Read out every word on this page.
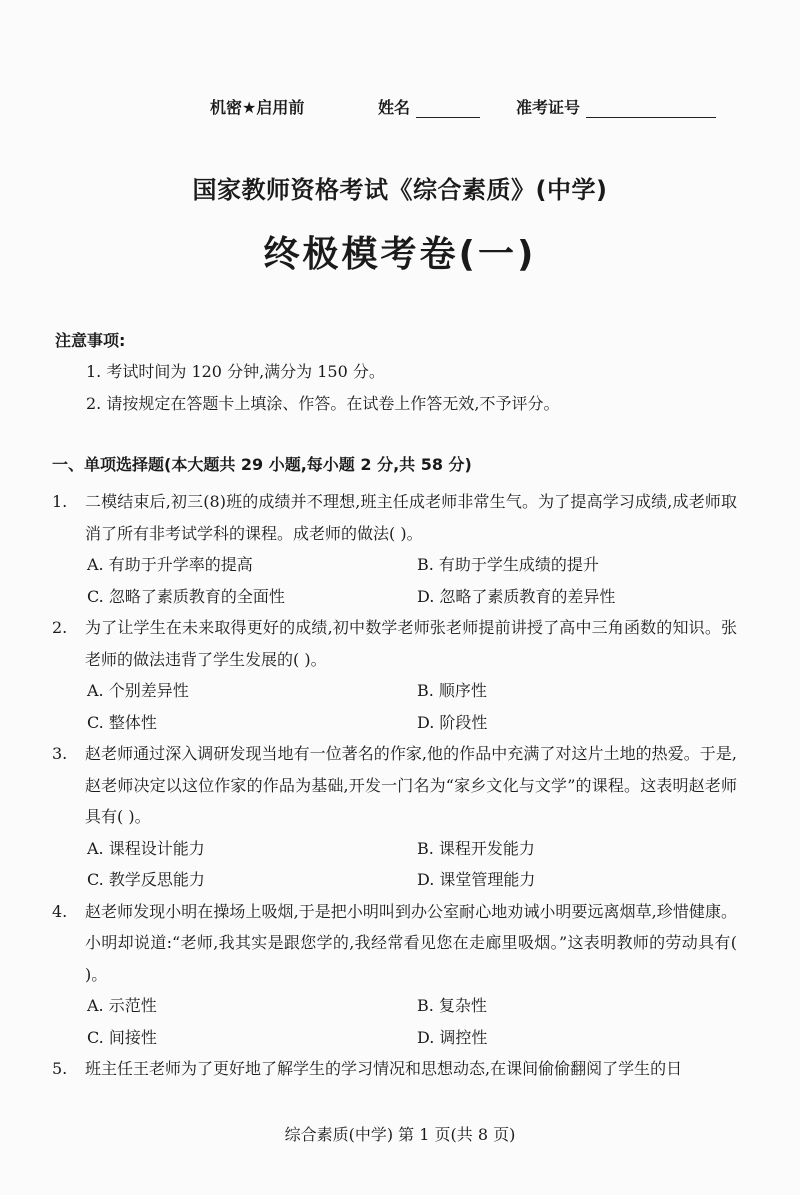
机密★启用前	姓名	准考证号
国家教师资格考试《综合素质》(中学)
终极模考卷(一)
注意事项:
1. 考试时间为 120 分钟,满分为 150 分。
2. 请按规定在答题卡上填涂、作答。在试卷上作答无效,不予评分。
一、单项选择题(本大题共 29 小题,每小题 2 分,共 58 分)
1.	二模结束后,初三(8)班的成绩并不理想,班主任成老师非常生气。为了提高学习成绩,成老师取消了所有非考试学科的课程。成老师的做法( )。
A. 有助于升学率的提高	B. 有助于学生成绩的提升
C. 忽略了素质教育的全面性	D. 忽略了素质教育的差异性
2.	为了让学生在未来取得更好的成绩,初中数学老师张老师提前讲授了高中三角函数的知识。张老师的做法违背了学生发展的( )。
A. 个别差异性	B. 顺序性
C. 整体性	D. 阶段性
3.	赵老师通过深入调研发现当地有一位著名的作家,他的作品中充满了对这片土地的热爱。于是,赵老师决定以这位作家的作品为基础,开发一门名为“家乡文化与文学”的课程。这表明赵老师具有( )。
A. 课程设计能力	B. 课程开发能力
C. 教学反思能力	D. 课堂管理能力
4.	赵老师发现小明在操场上吸烟,于是把小明叫到办公室耐心地劝诫小明要远离烟草,珍惜健康。小明却说道:“老师,我其实是跟您学的,我经常看见您在走廊里吸烟。”这表明教师的劳动具有( )。
A. 示范性	B. 复杂性
C. 间接性	D. 调控性
5.	班主任王老师为了更好地了解学生的学习情况和思想动态,在课间偷偷翻阅了学生的日
综合素质(中学) 第 1 页(共 8 页)
